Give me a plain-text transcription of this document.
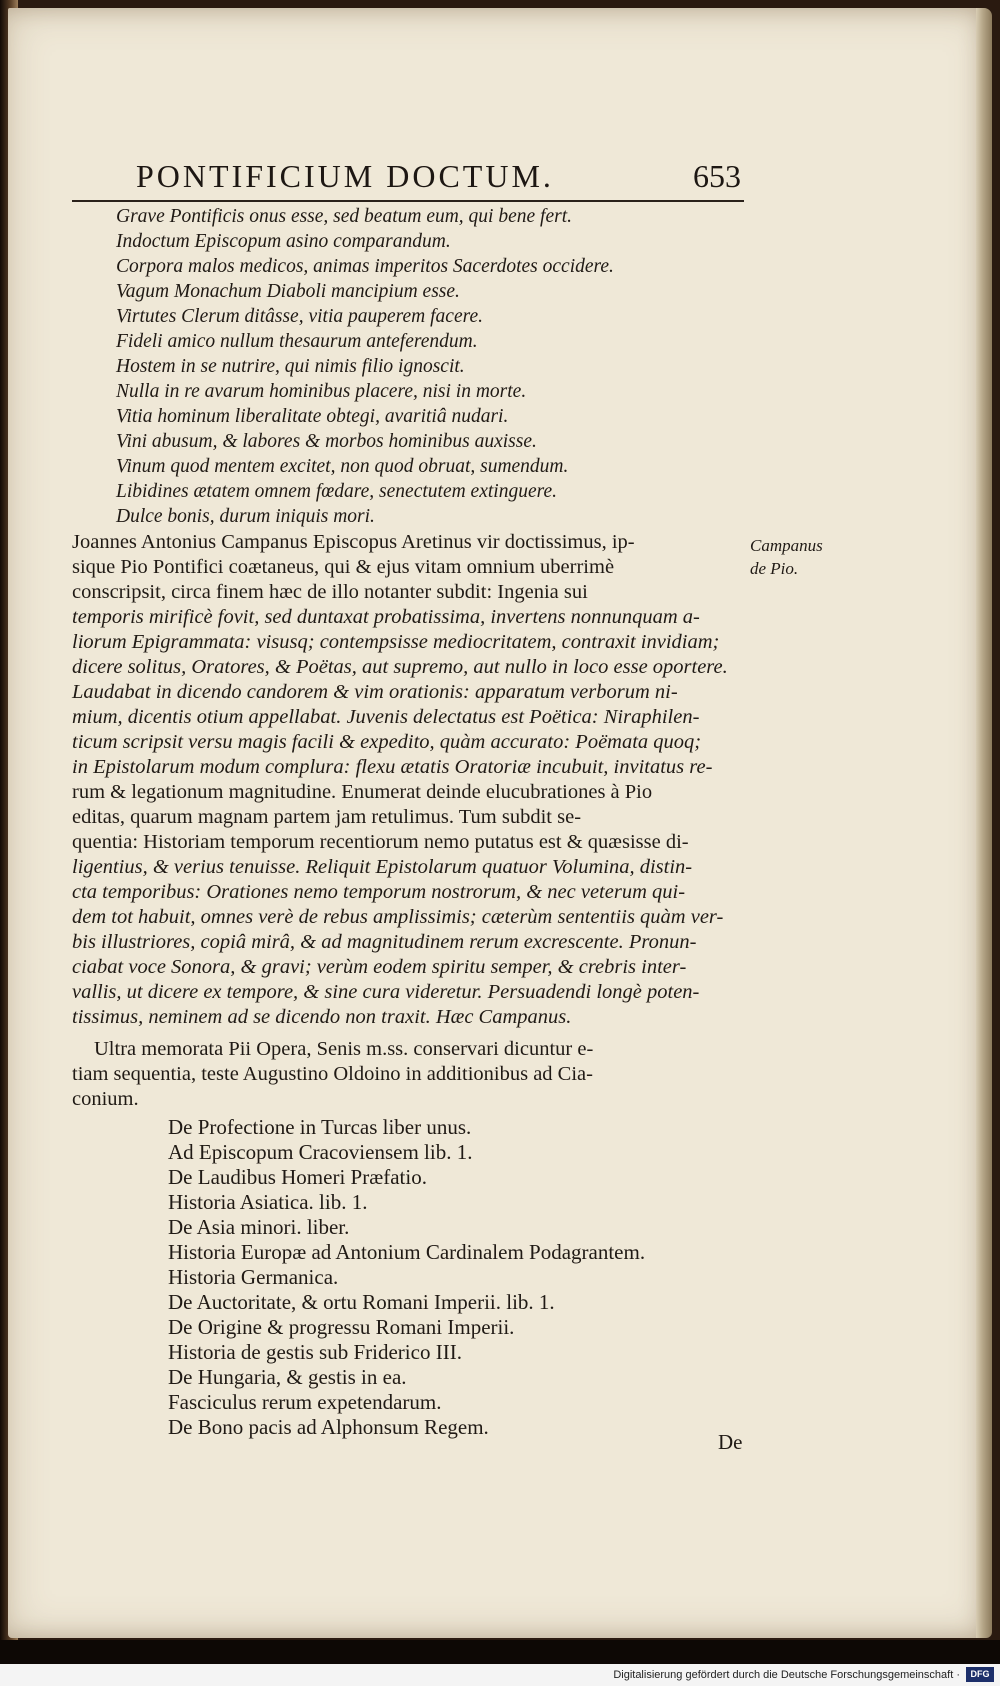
PONTIFICIUM DOCTUM.	653
Grave Pontificis onus esse, sed beatum eum, qui bene fert.
Indoctum Episcopum asino comparandum.
Corpora malos medicos, animas imperitos Sacerdotes occidere.
Vagum Monachum Diaboli mancipium esse.
Virtutes Clerum ditâsse, vitia pauperem facere.
Fideli amico nullum thesaurum anteferendum.
Hostem in se nutrire, qui nimis filio ignoscit.
Nulla in re avarum hominibus placere, nisi in morte.
Vitia hominum liberalitate obtegi, avaritiâ nudari.
Vini abusum, & labores & morbos hominibus auxisse.
Vinum quod mentem excitet, non quod obruat, sumendum.
Libidines ætatem omnem fœdare, senectutem extinguere.
Dulce bonis, durum iniquis mori.
Joannes Antonius Campanus Episcopus Aretinus vir doctissimus, ip-
sique Pio Pontifici coætaneus, qui & ejus vitam omnium uberrimè
conscripsit, circa finem hæc de illo notanter subdit: Ingenia sui
temporis mirificè fovit, sed duntaxat probatissima, invertens nonnunquam a-
liorum Epigrammata: visusq; contempsisse mediocritatem, contraxit invidiam;
dicere solitus, Oratores, & Poëtas, aut supremo, aut nullo in loco esse oportere.
Laudabat in dicendo candorem & vim orationis: apparatum verborum ni-
mium, dicentis otium appellabat. Juvenis delectatus est Poëtica: Niraphilen-
ticum scripsit versu magis facili & expedito, quàm accurato: Poëmata quoq;
in Epistolarum modum complura: flexu ætatis Oratoriæ incubuit, invitatus re-
rum & legationum magnitudine. Enumerat deinde elucubrationes à Pio
editas, quarum magnam partem jam retulimus. Tum subdit se-
quentia: Historiam temporum recentiorum nemo putatus est & quæsisse di-
ligentius, & verius tenuisse. Reliquit Epistolarum quatuor Volumina, distin-
cta temporibus: Orationes nemo temporum nostrorum, & nec veterum qui-
dem tot habuit, omnes verè de rebus amplissimis; cæterùm sententiis quàm ver-
bis illustriores, copiâ mirâ, & ad magnitudinem rerum excrescente. Pronun-
ciabat voce Sonora, & gravi; verùm eodem spiritu semper, & crebris inter-
vallis, ut dicere ex tempore, & sine cura videretur. Persuadendi longè poten-
tissimus, neminem ad se dicendo non traxit. Hæc Campanus.
Campanus
de Pio.
Ultra memorata Pii Opera, Senis m.ss. conservari dicuntur e-
tiam sequentia, teste Augustino Oldoino in additionibus ad Cia-
conium.
De Profectione in Turcas liber unus.
Ad Episcopum Cracoviensem lib. 1.
De Laudibus Homeri Præfatio.
Historia Asiatica. lib. 1.
De Asia minori. liber.
Historia Europæ ad Antonium Cardinalem Podagrantem.
Historia Germanica.
De Auctoritate, & ortu Romani Imperii. lib. 1.
De Origine & progressu Romani Imperii.
Historia de gestis sub Friderico III.
De Hungaria, & gestis in ea.
Fasciculus rerum expetendarum.
De Bono pacis ad Alphonsum Regem.
De
Digitalisierung gefördert durch die Deutsche Forschungsgemeinschaft ·	DFG
